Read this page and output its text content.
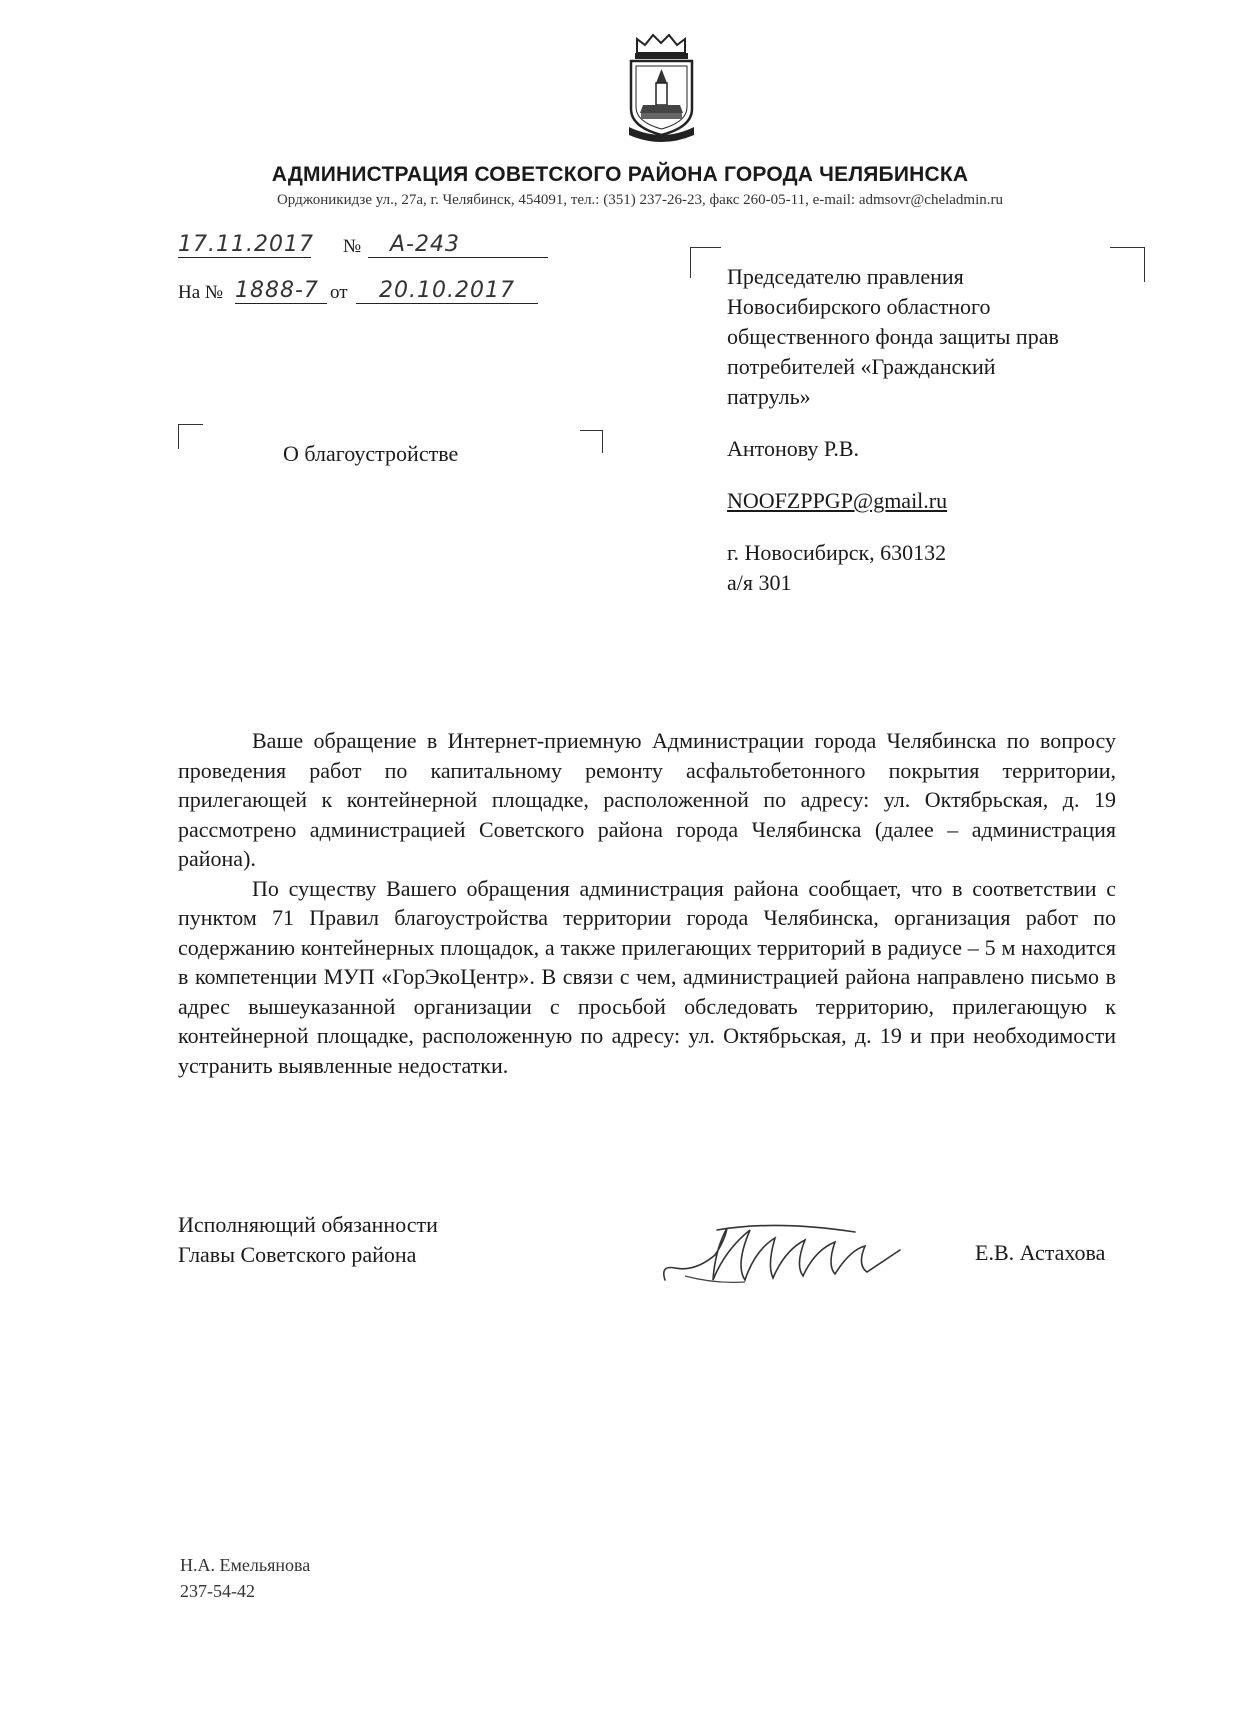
АДМИНИСТРАЦИЯ СОВЕТСКОГО РАЙОНА ГОРОДА ЧЕЛЯБИНСКА
Орджоникидзе ул., 27а, г. Челябинск, 454091, тел.: (351) 237-26-23, факс 260-05-11, e-mail: admsovr@cheladmin.ru
17.11.2017 №	А-243
На № 1888-7 от	20.10.2017
Председателю правления
Новосибирского областного
общественного фонда защиты прав
потребителей «Гражданский
патруль»
Антонову Р.В.
NOOFZPPGP@gmail.ru
г. Новосибирск, 630132
а/я 301
О благоустройстве

Ваше обращение в Интернет-приемную Администрации города Челябинска по вопросу проведения работ по капитальному ремонту асфальтобетонного покрытия территории, прилегающей к контейнерной площадке, расположенной по адресу: ул. Октябрьская, д. 19 рассмотрено администрацией Советского района города Челябинска (далее – администрация района).

По существу Вашего обращения администрация района сообщает, что в соответствии с пунктом 71 Правил благоустройства территории города Челябинска, организация работ по содержанию контейнерных площадок, а также прилегающих территорий в радиусе – 5 м находится в компетенции МУП «ГорЭкоЦентр». В связи с чем, администрацией района направлено письмо в адрес вышеуказанной организации с просьбой обследовать территорию, прилегающую к контейнерной площадке, расположенную по адресу: ул. Октябрьская, д. 19 и при необходимости устранить выявленные недостатки.

Исполняющий обязанности
Главы Советского района	Е.В. Астахова
Н.А. Емельянова
237-54-42
